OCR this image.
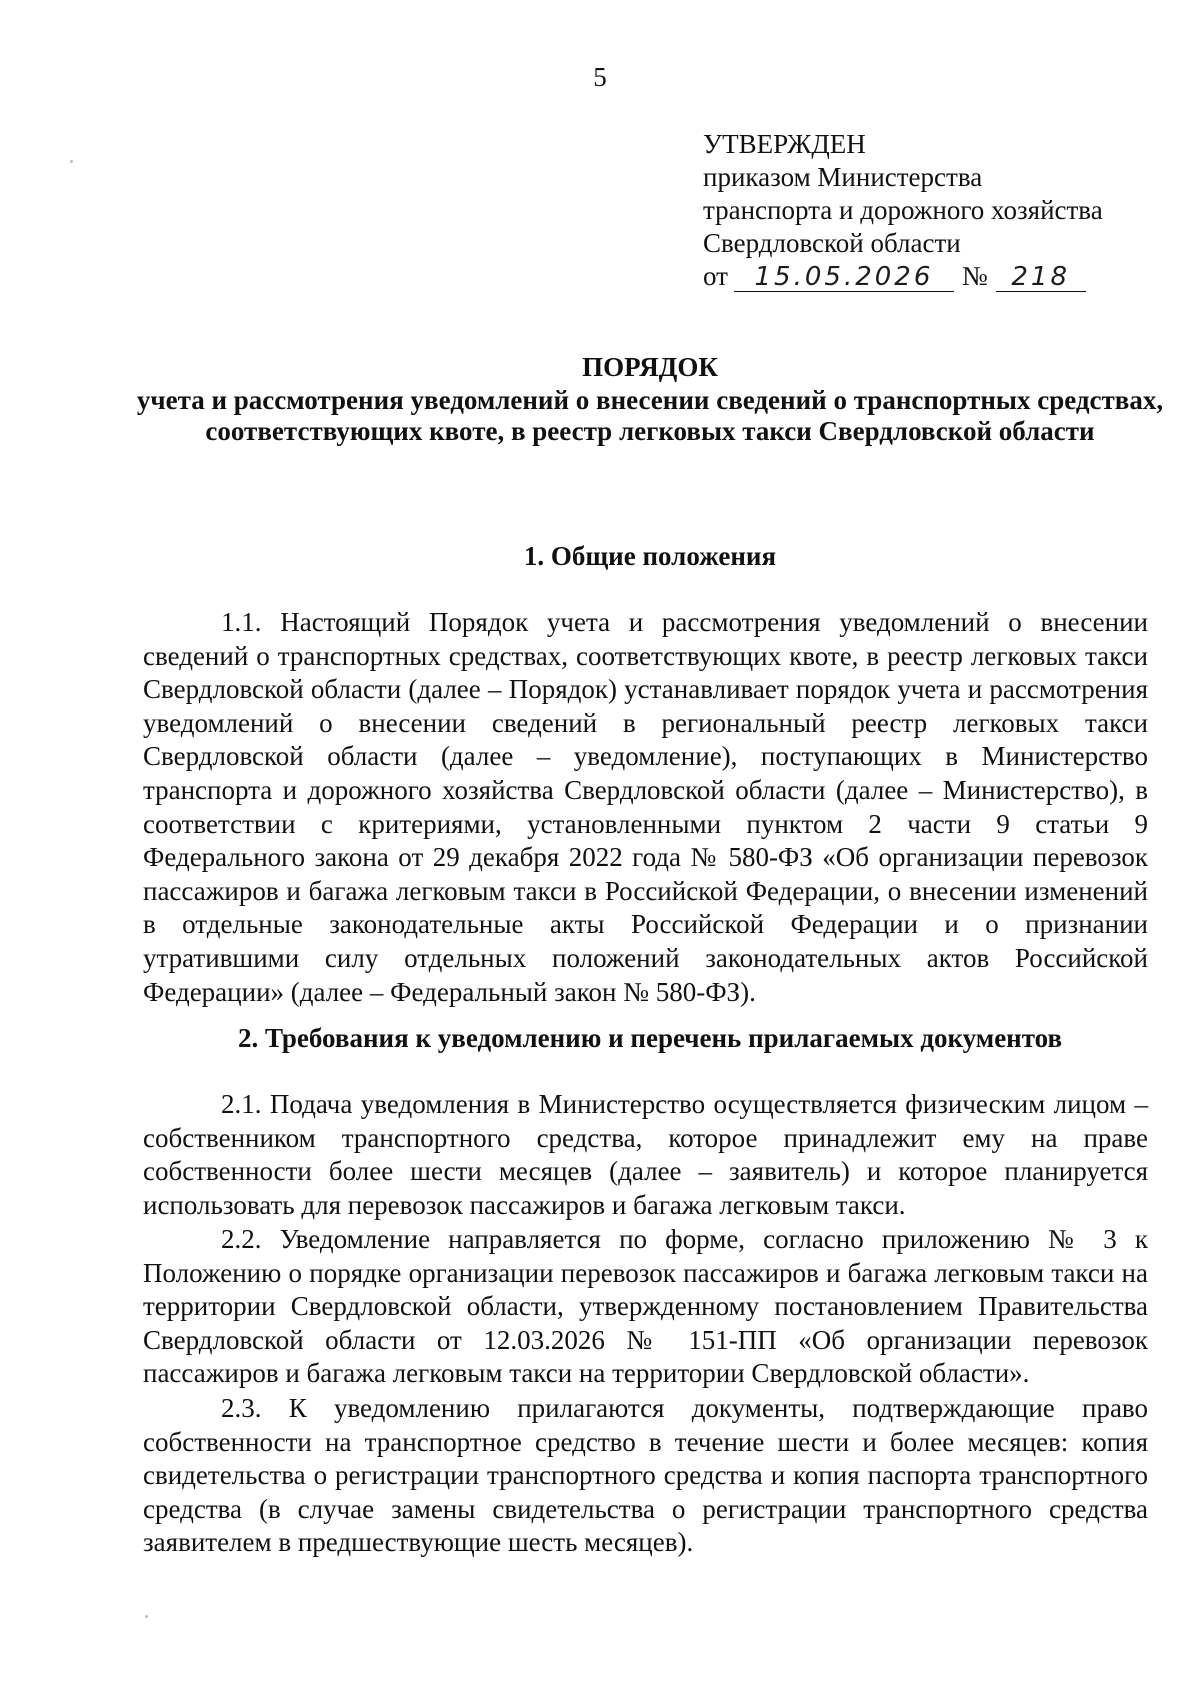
5
УТВЕРЖДЕН
приказом Министерства
транспорта и дорожного хозяйства
Свердловской области
от	15.05.2026	№ 218
ПОРЯДОК
учета и рассмотрения уведомлений о внесении сведений о транспортных средствах, соответствующих квоте, в реестр легковых такси Свердловской области
1. Общие положения

1.1. Настоящий Порядок учета и рассмотрения уведомлений о внесении сведений о транспортных средствах, соответствующих квоте, в реестр легковых такси Свердловской области (далее – Порядок) устанавливает порядок учета и рассмотрения уведомлений о внесении сведений в региональный реестр легковых такси Свердловской области (далее – уведомление), поступающих в Министерство транспорта и дорожного хозяйства Свердловской области (далее – Министерство), в соответствии с критериями, установленными пунктом 2 части 9 статьи 9 Федерального закона от 29 декабря 2022 года № 580-ФЗ «Об организации перевозок пассажиров и багажа легковым такси в Российской Федерации, о внесении изменений в отдельные законодательные акты Российской Федерации и о признании утратившими силу отдельных положений законодательных актов Российской Федерации» (далее – Федеральный закон № 580-ФЗ).

2. Требования к уведомлению и перечень прилагаемых документов

2.1. Подача уведомления в Министерство осуществляется физическим лицом – собственником транспортного средства, которое принадлежит ему на праве собственности более шести месяцев (далее – заявитель) и которое планируется использовать для перевозок пассажиров и багажа легковым такси.

2.2. Уведомление направляется по форме, согласно приложению № 3 к Положению о порядке организации перевозок пассажиров и багажа легковым такси на территории Свердловской области, утвержденному постановлением Правительства Свердловской области от 12.03.2026 № 151-ПП «Об организации перевозок пассажиров и багажа легковым такси на территории Свердловской области».

2.3. К уведомлению прилагаются документы, подтверждающие право собственности на транспортное средство в течение шести и более месяцев: копия свидетельства о регистрации транспортного средства и копия паспорта транспортного средства (в случае замены свидетельства о регистрации транспортного средства заявителем в предшествующие шесть месяцев).
